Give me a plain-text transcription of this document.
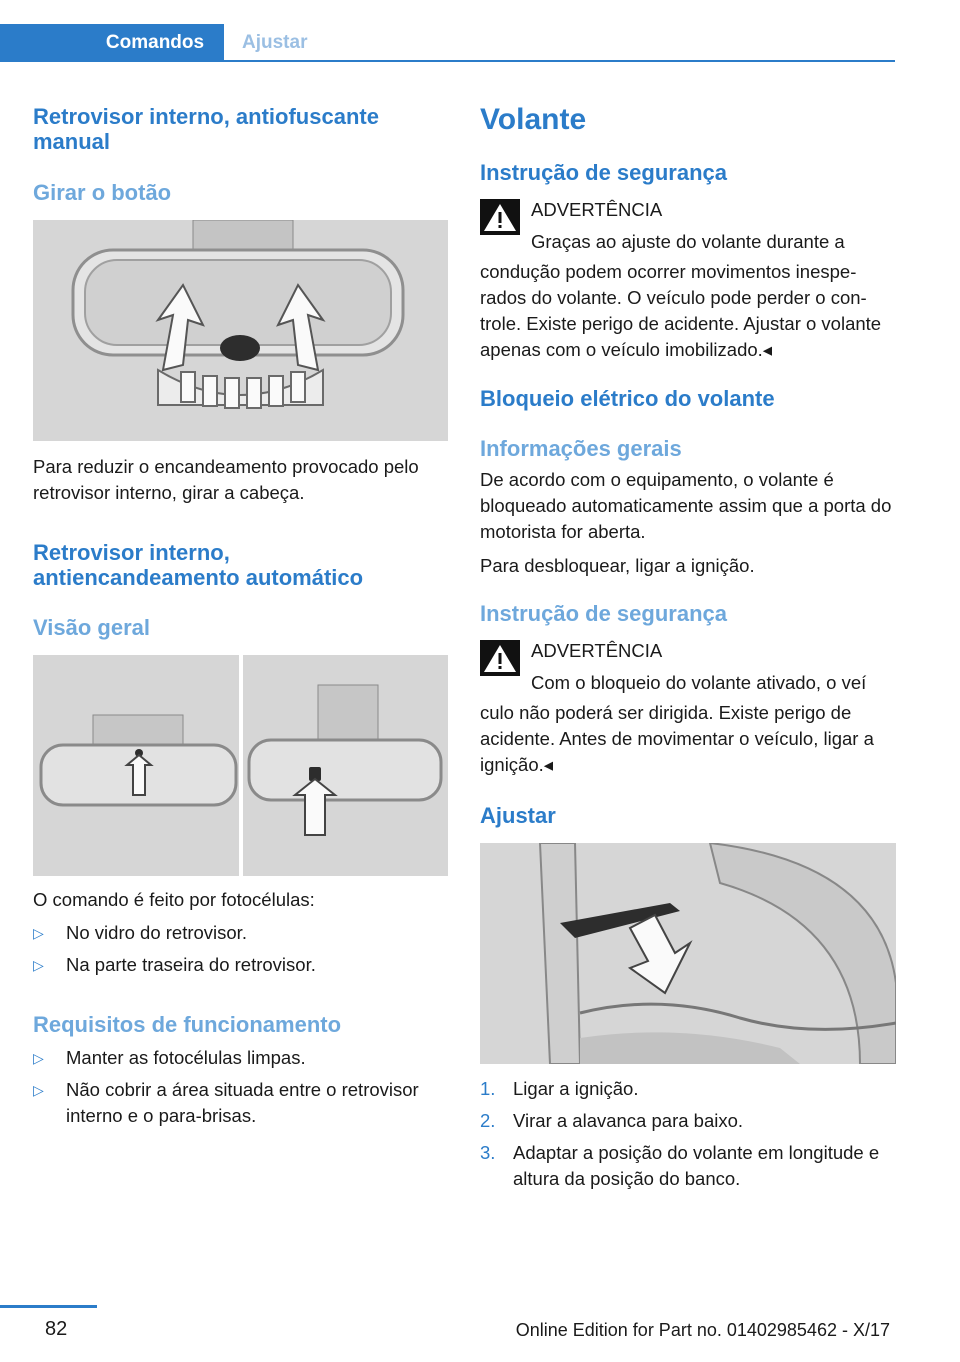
Comandos	Ajustar
Retrovisor interno, antiofuscante manual
Girar o botão
Para reduzir o encandeamento provocado pelo retrovisor interno, girar a cabeça.
Retrovisor interno, antiencandeamento automático
Visão geral
O comando é feito por fotocélulas:
▷ No vidro do retrovisor.
▷ Na parte traseira do retrovisor.
Requisitos de funcionamento
▷ Manter as fotocélulas limpas.
▷ Não cobrir a área situada entre o retrovisor interno e o para-brisas.
Volante
Instrução de segurança
ADVERTÊNCIA
Graças ao ajuste do volante durante a
condução podem ocorrer movimentos inesperados do volante. O veículo pode perder o controle. Existe perigo de acidente. Ajustar o volante apenas com o veículo imobilizado.◂
Bloqueio elétrico do volante
Informações gerais
De acordo com o equipamento, o volante é bloqueado automaticamente assim que a porta do motorista for aberta.
Para desbloquear, ligar a ignição.
Instrução de segurança
ADVERTÊNCIA
Com o bloqueio do volante ativado, o veí
culo não poderá ser dirigida. Existe perigo de acidente. Antes de movimentar o veículo, ligar a ignição.◂
Ajustar
1. Ligar a ignição.
2. Virar a alavanca para baixo.
3. Adaptar a posição do volante em longitude e altura da posição do banco.
82	Online Edition for Part no. 01402985462 - X/17
